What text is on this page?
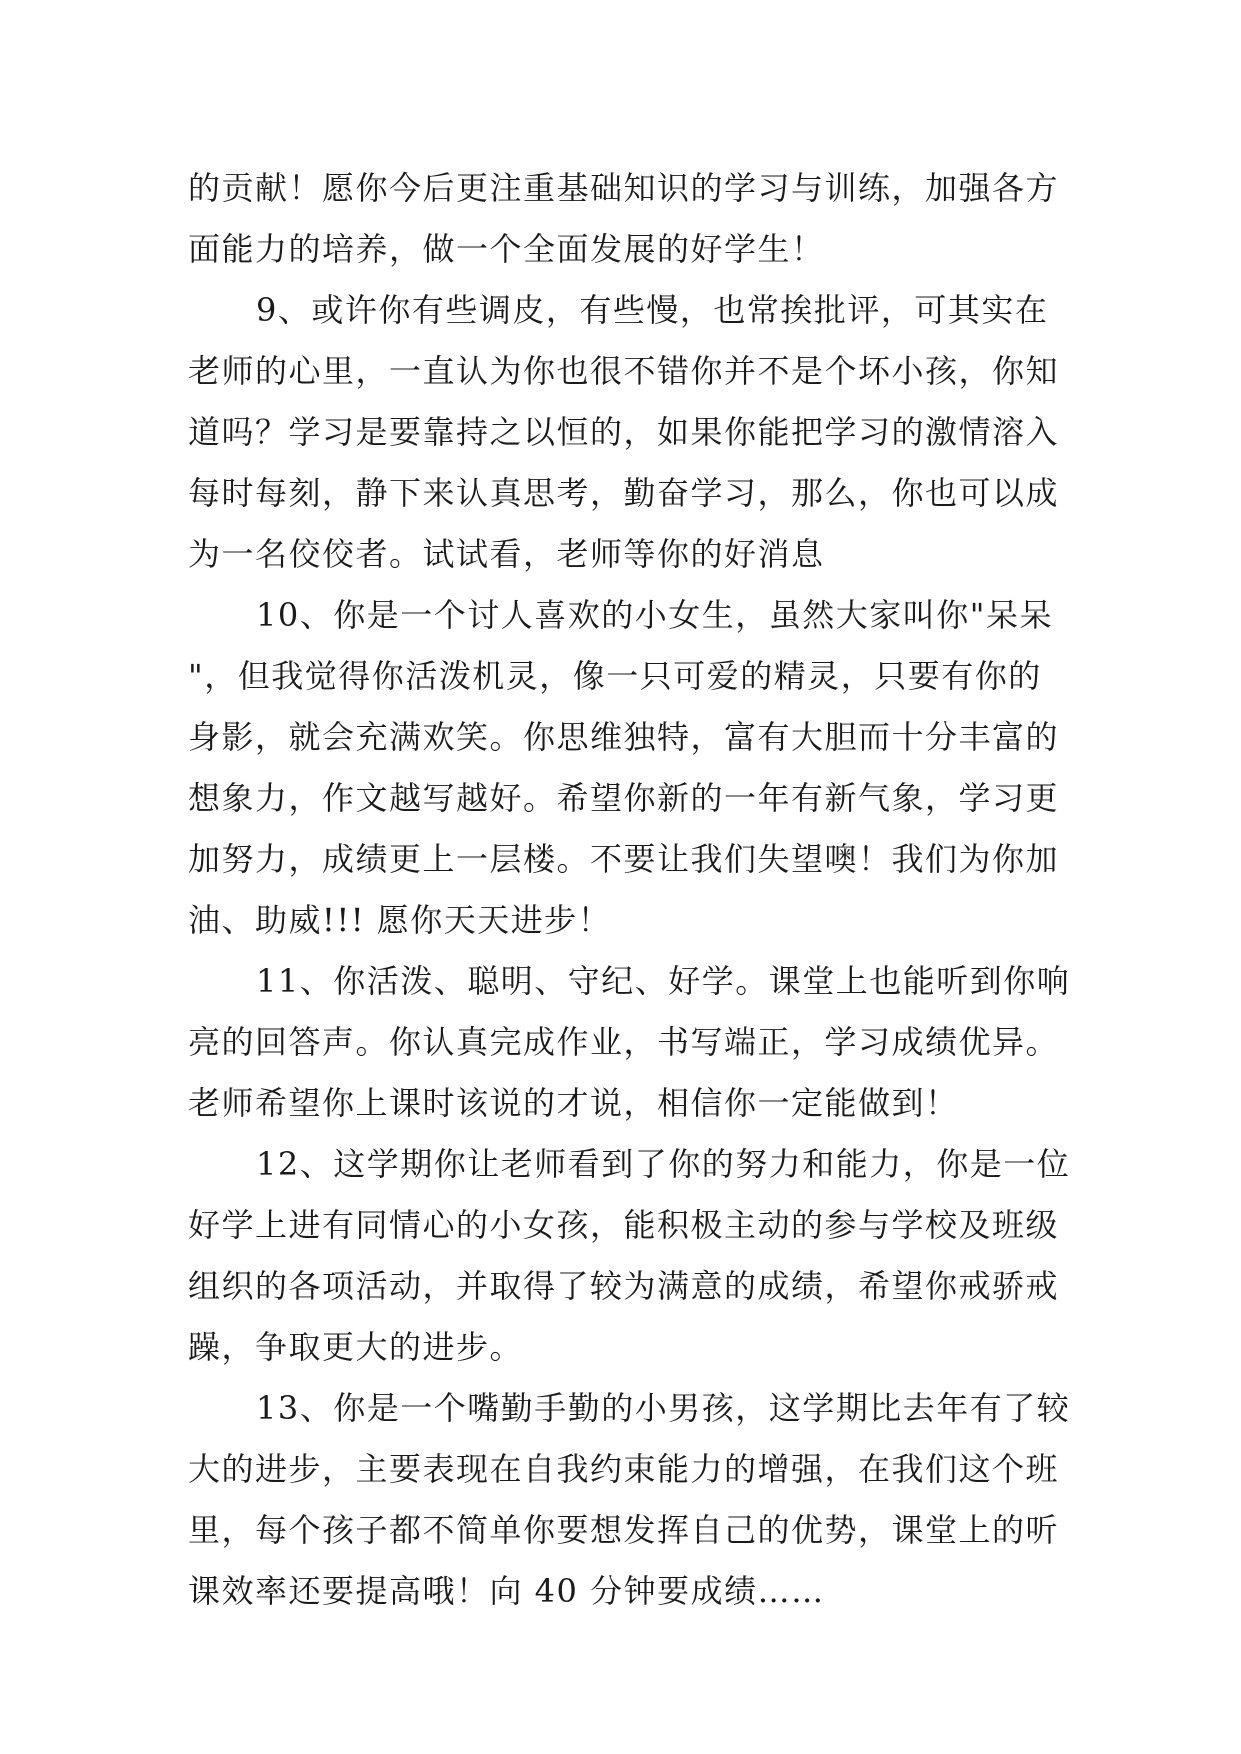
的贡献！愿你今后更注重基础知识的学习与训练，加强各方
面能力的培养，做一个全面发展的好学生！
9、或许你有些调皮，有些慢，也常挨批评，可其实在
老师的心里，一直认为你也很不错你并不是个坏小孩，你知
道吗？学习是要靠持之以恒的，如果你能把学习的激情溶入
每时每刻，静下来认真思考，勤奋学习，那么，你也可以成
为一名佼佼者。试试看，老师等你的好消息
10、你是一个讨人喜欢的小女生，虽然大家叫你"呆呆
"，但我觉得你活泼机灵，像一只可爱的精灵，只要有你的
身影，就会充满欢笑。你思维独特，富有大胆而十分丰富的
想象力，作文越写越好。希望你新的一年有新气象，学习更
加努力，成绩更上一层楼。不要让我们失望噢！我们为你加
油、助威!!! 愿你天天进步！
11、你活泼、聪明、守纪、好学。课堂上也能听到你响
亮的回答声。你认真完成作业，书写端正，学习成绩优异。
老师希望你上课时该说的才说，相信你一定能做到！
12、这学期你让老师看到了你的努力和能力，你是一位
好学上进有同情心的小女孩，能积极主动的参与学校及班级
组织的各项活动，并取得了较为满意的成绩，希望你戒骄戒
躁，争取更大的进步。
13、你是一个嘴勤手勤的小男孩，这学期比去年有了较
大的进步，主要表现在自我约束能力的增强，在我们这个班
里，每个孩子都不简单你要想发挥自己的优势，课堂上的听
课效率还要提高哦！向 40 分钟要成绩……
